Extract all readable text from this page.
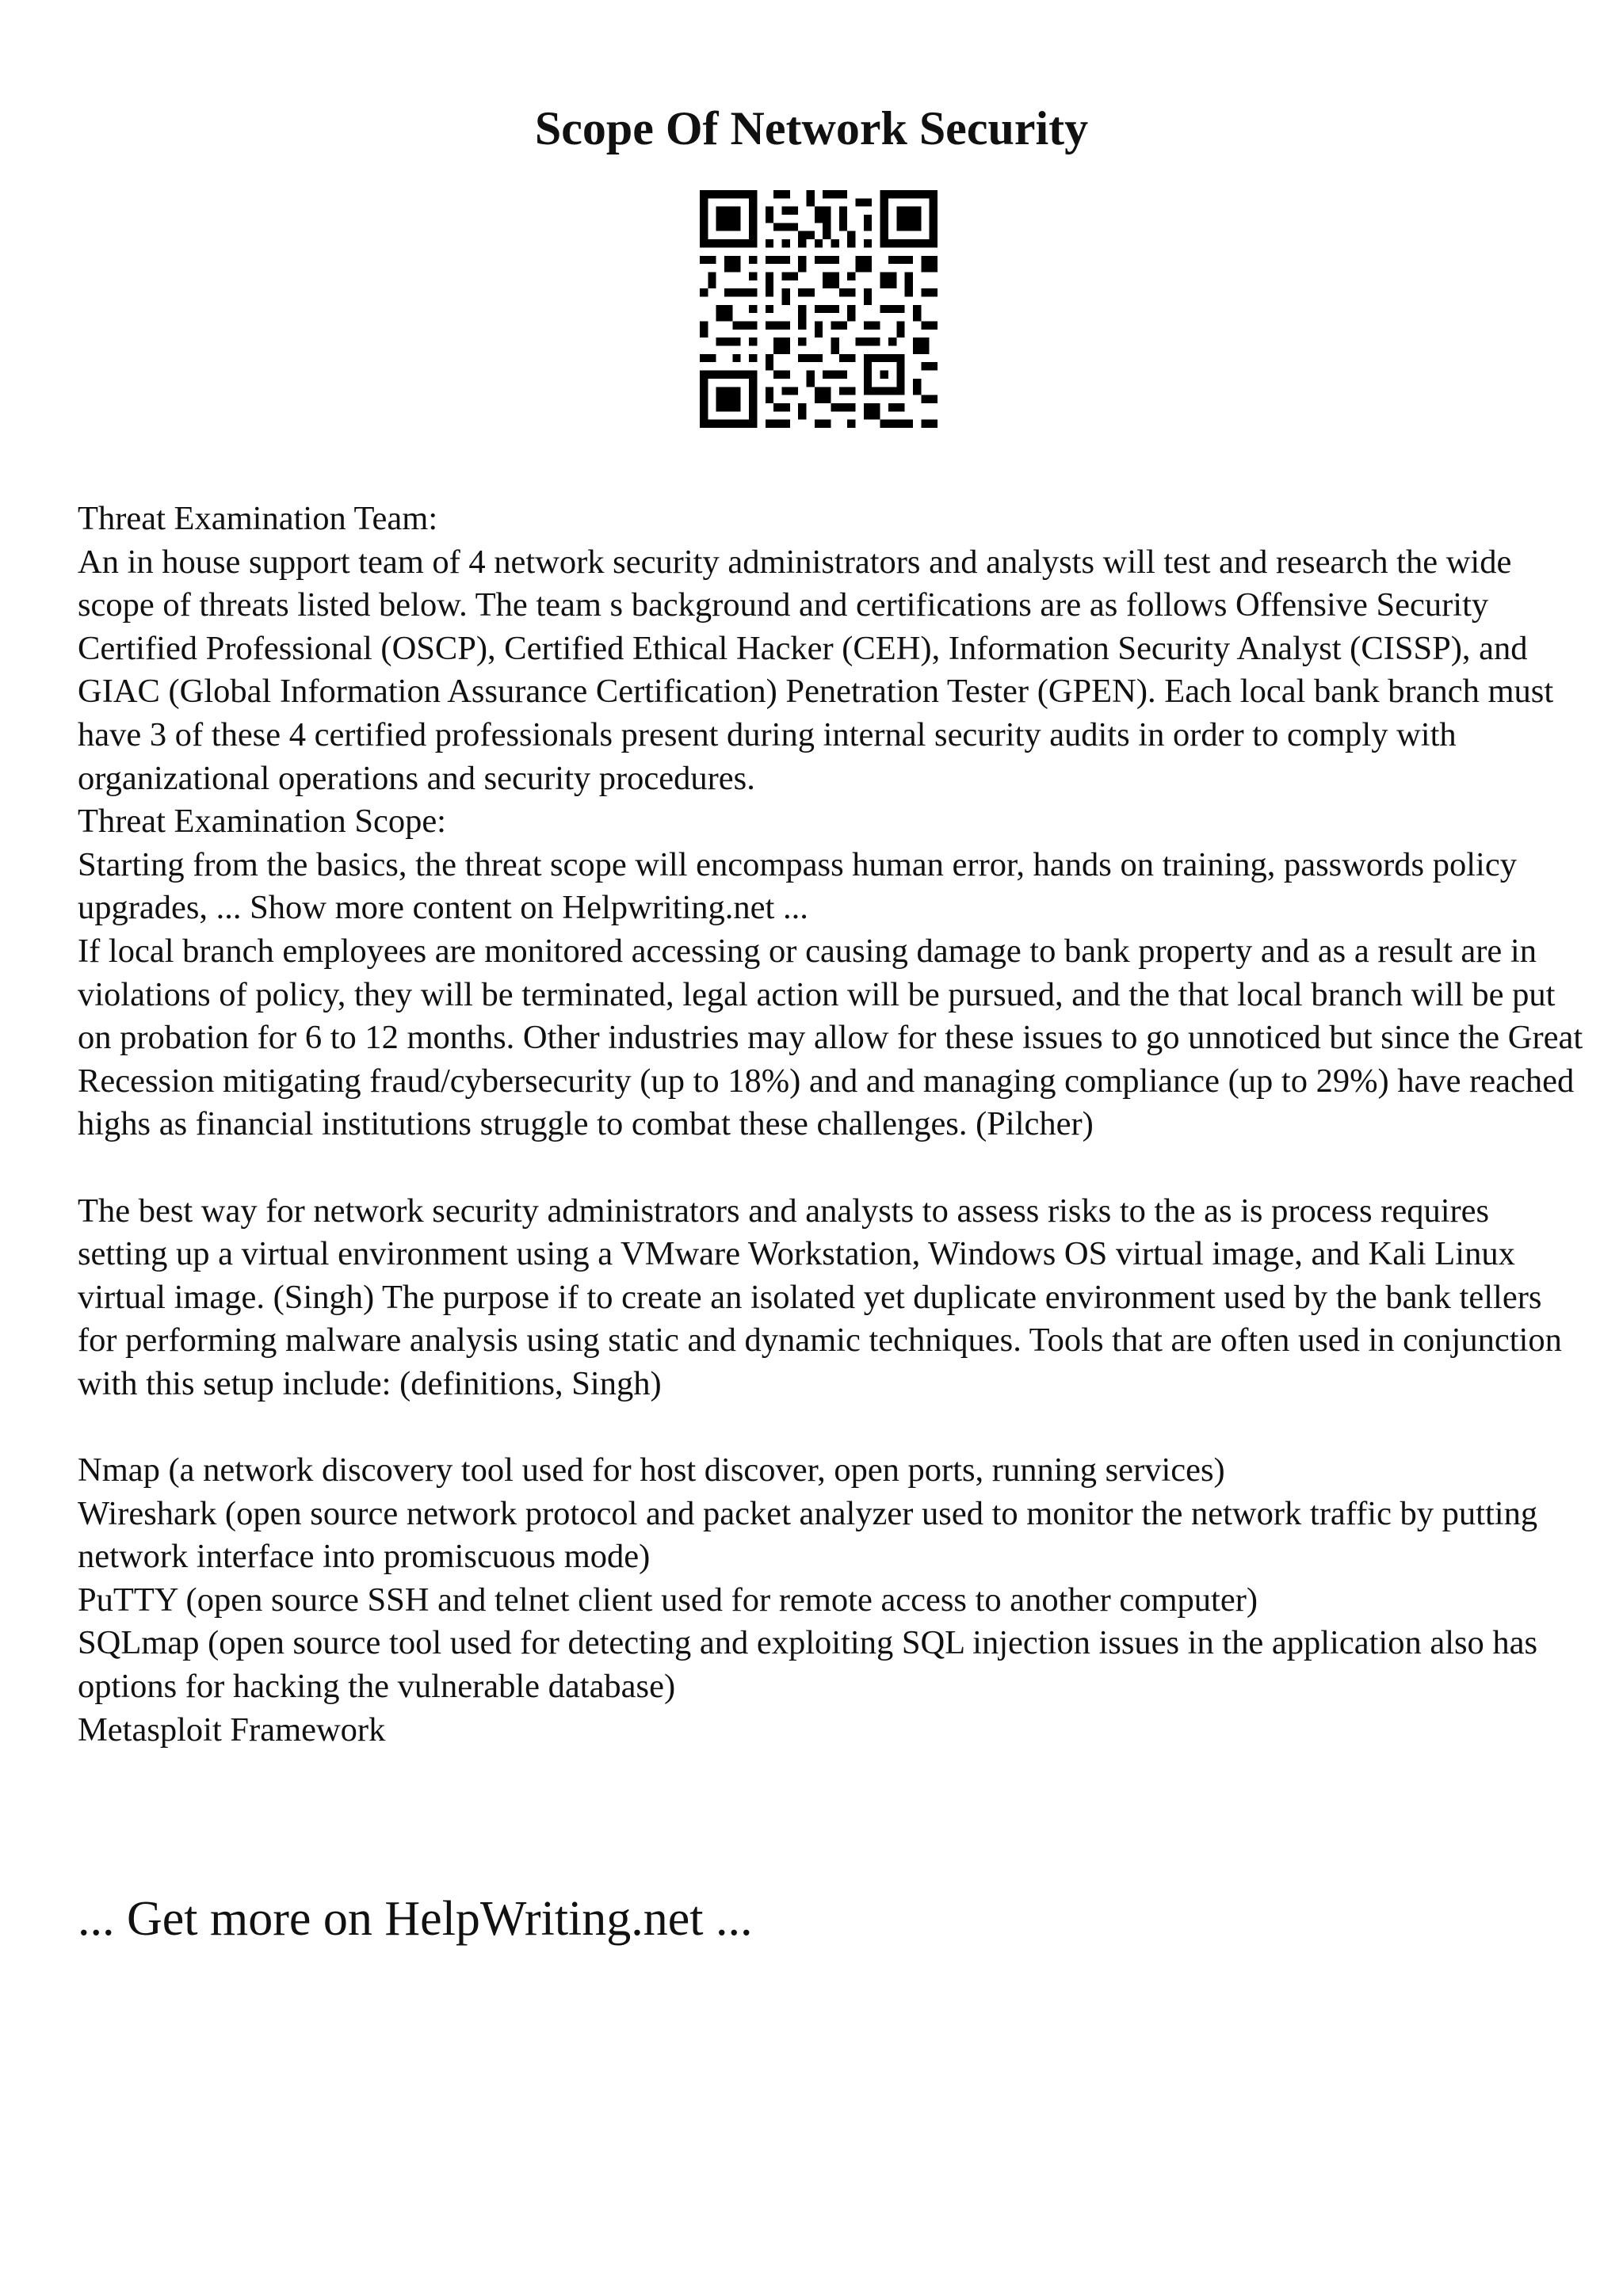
Scope Of Network Security

Threat Examination Team:

An in house support team of 4 network security administrators and analysts will test and research the wide scope of threats listed below. The team s background and certifications are as follows Offensive Security Certified Professional (OSCP), Certified Ethical Hacker (CEH), Information Security Analyst (CISSP), and GIAC (Global Information Assurance Certification) Penetration Tester (GPEN). Each local bank branch must have 3 of these 4 certified professionals present during internal security audits in order to comply with organizational operations and security procedures.

Threat Examination Scope:

Starting from the basics, the threat scope will encompass human error, hands on training, passwords policy upgrades, ... Show more content on Helpwriting.net ...

If local branch employees are monitored accessing or causing damage to bank property and as a result are in violations of policy, they will be terminated, legal action will be pursued, and the that local branch will be put on probation for 6 to 12 months. Other industries may allow for these issues to go unnoticed but since the Great Recession mitigating fraud/cybersecurity (up to 18%) and and managing compliance (up to 29%) have reached highs as financial institutions struggle to combat these challenges. (Pilcher)

The best way for network security administrators and analysts to assess risks to the as is process requires setting up a virtual environment using a VMware Workstation, Windows OS virtual image, and Kali Linux virtual image. (Singh) The purpose if to create an isolated yet duplicate environment used by the bank tellers for performing malware analysis using static and dynamic techniques. Tools that are often used in conjunction with this setup include: (definitions, Singh)

Nmap (a network discovery tool used for host discover, open ports, running services)

Wireshark (open source network protocol and packet analyzer used to monitor the network traffic by putting network interface into promiscuous mode)

PuTTY (open source SSH and telnet client used for remote access to another computer)

SQLmap (open source tool used for detecting and exploiting SQL injection issues in the application also has options for hacking the vulnerable database)

Metasploit Framework

... Get more on HelpWriting.net ...
